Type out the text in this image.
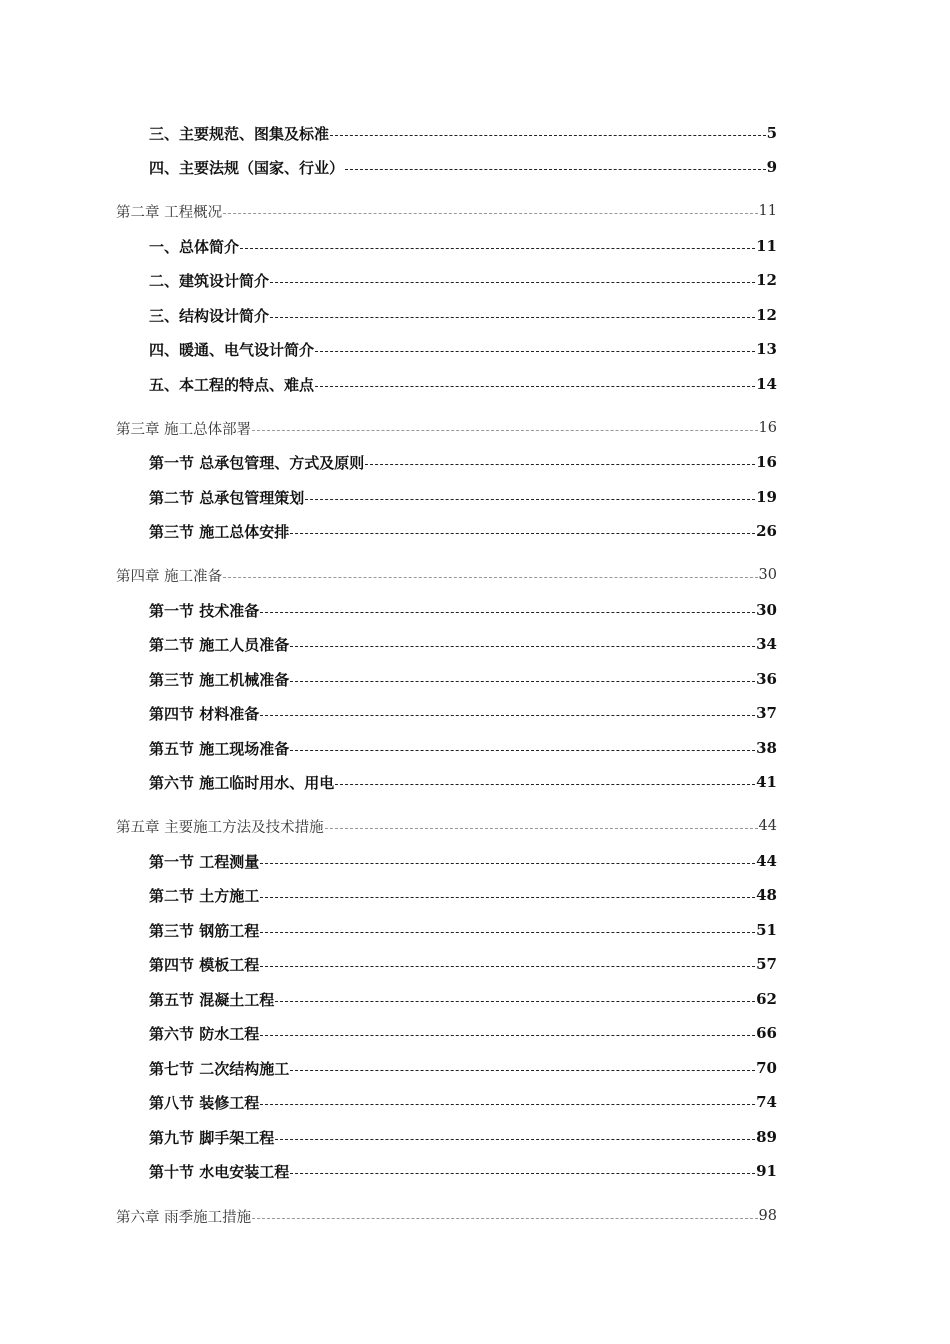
三、主要规范、图集及标准	5
四、主要法规（国家、行业）	9
第二章 工程概况	11
一、总体简介	11
二、建筑设计简介	12
三、结构设计简介	12
四、暖通、电气设计简介	13
五、本工程的特点、难点	14
第三章 施工总体部署	16
第一节 总承包管理、方式及原则	16
第二节 总承包管理策划	19
第三节 施工总体安排	26
第四章 施工准备	30
第一节 技术准备	30
第二节 施工人员准备	34
第三节 施工机械准备	36
第四节 材料准备	37
第五节 施工现场准备	38
第六节 施工临时用水、用电	41
第五章 主要施工方法及技术措施	44
第一节 工程测量	44
第二节 土方施工	48
第三节 钢筋工程	51
第四节 模板工程	57
第五节 混凝土工程	62
第六节 防水工程	66
第七节 二次结构施工	70
第八节 装修工程	74
第九节 脚手架工程	89
第十节 水电安装工程	91
第六章 雨季施工措施	98
